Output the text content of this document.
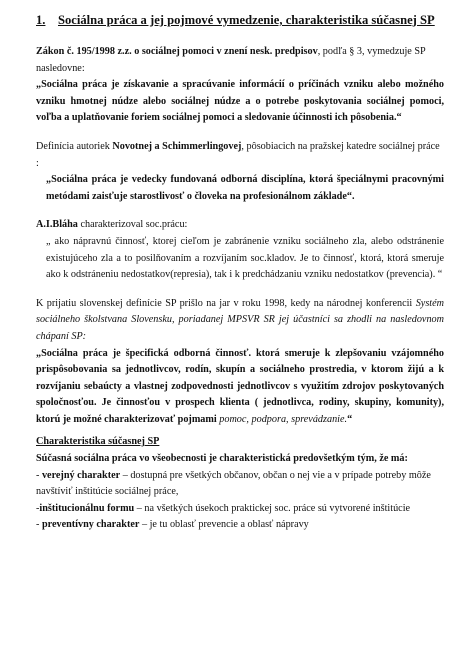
1. Sociálna práca a jej pojmové vymedzenie, charakteristika súčasnej SP

Zákon č. 195/1998 z.z. o sociálnej pomoci v znení nesk. predpisov, podľa § 3, vymedzuje SP nasledovne:

„Sociálna práca je získavanie a spracúvanie informácií o príčinách vzniku alebo možného vzniku hmotnej núdze alebo sociálnej núdze a o potrebe poskytovania sociálnej pomoci, voľba a uplatňovanie foriem sociálnej pomoci a sledovanie účinnosti ich pôsobenia.“

Definícia autoriek Novotnej a Schimmerlingovej, pôsobiacich na pražskej katedre sociálnej práce :

„Sociálna práca je vedecky fundovaná odborná disciplína, ktorá špeciálnymi pracovnými metódami zaisťuje starostlivosť o človeka na profesionálnom základe“.

A.I.Bláha charakterizoval soc.prácu:

„ ako nápravnú činnosť, ktorej cieľom je zabránenie vzniku sociálneho zla, alebo odstránenie existujúceho zla a to posilňovaním a rozvíjaním soc.kladov. Je to činnosť, ktorá, ktorá smeruje ako k odstráneniu nedostatkov(represia), tak i k predchádzaniu vzniku nedostatkov (prevencia). “

K prijatiu slovenskej definície SP prišlo na jar v roku 1998, kedy na národnej konferencii Systém sociálneho školstvana Slovensku, poriadanej MPSVR SR jej účastníci sa zhodli na nasledovnom chápaní SP:

„Sociálna práca je špecifická odborná činnosť. ktorá smeruje k zlepšovaniu vzájomného prispôsobovania sa jednotlivcov, rodín, skupín a sociálneho prostredia, v ktorom žijú a k rozvíjaniu sebaúcty a vlastnej zodpovednosti jednotlivcov s využitím zdrojov poskytovaných spoločnosťou. Je činnosťou v prospech klienta ( jednotlivca, rodiny, skupiny, komunity), ktorú je možné charakterizovať pojmami pomoc, podpora, sprevádzanie.“

Charakteristika súčasnej SP

Súčasná sociálna práca vo všeobecnosti je charakteristická predovšetkým tým, že má:

- verejný charakter – dostupná pre všetkých občanov, občan o nej vie a v prípade potreby môže navštíviť inštitúcie sociálnej práce,

-inštitucionálnu formu – na všetkých úsekoch praktickej soc. práce sú vytvorené inštitúcie

- preventívny charakter – je tu oblasť prevencie a oblasť nápravy
